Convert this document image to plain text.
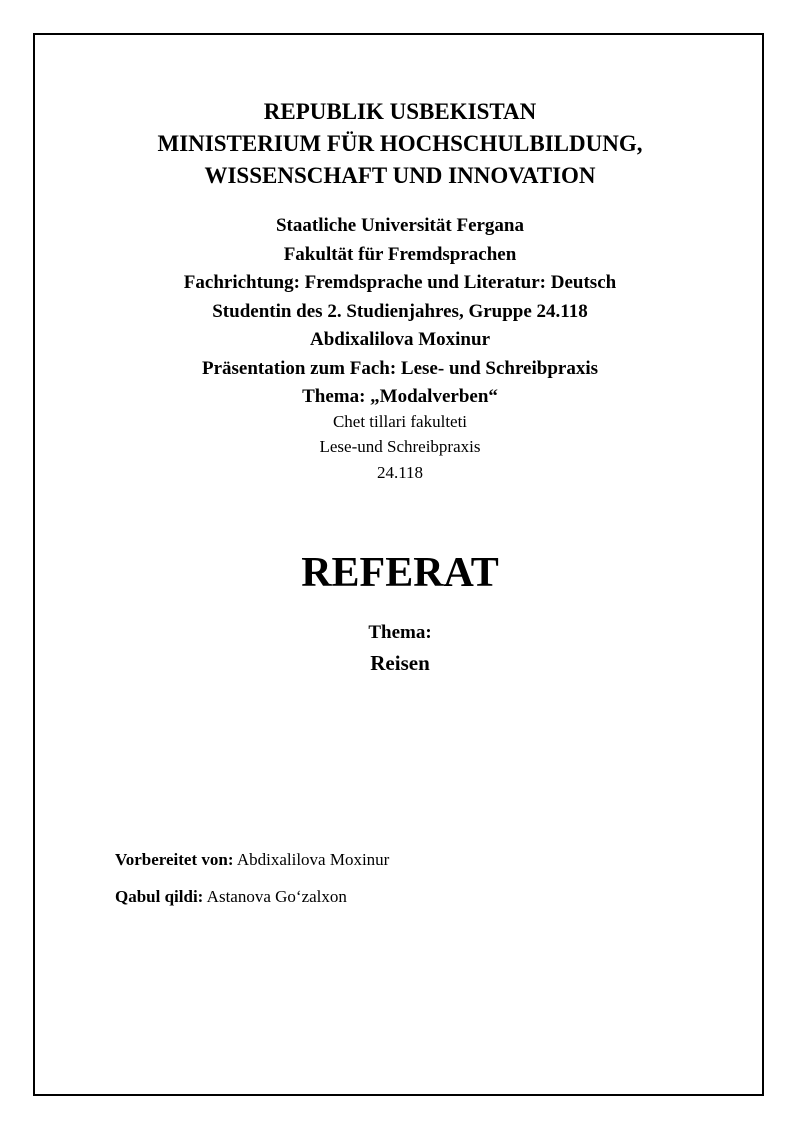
REPUBLIK USBEKISTAN
MINISTERIUM FÜR HOCHSCHULBILDUNG,
WISSENSCHAFT UND INNOVATION
Staatliche Universität Fergana
Fakultät für Fremdsprachen
Fachrichtung: Fremdsprache und Literatur: Deutsch
Studentin des 2. Studienjahres, Gruppe 24.118
Abdixalilova Moxinur
Präsentation zum Fach: Lese- und Schreibpraxis
Thema: „Modalverben“
Chet tillari fakulteti
Lese-und Schreibpraxis
24.118
REFERAT
Thema:
Reisen
Vorbereitet von: Abdixalilova Moxinur
Qabul qildi: Astanova Go‘zalxon
